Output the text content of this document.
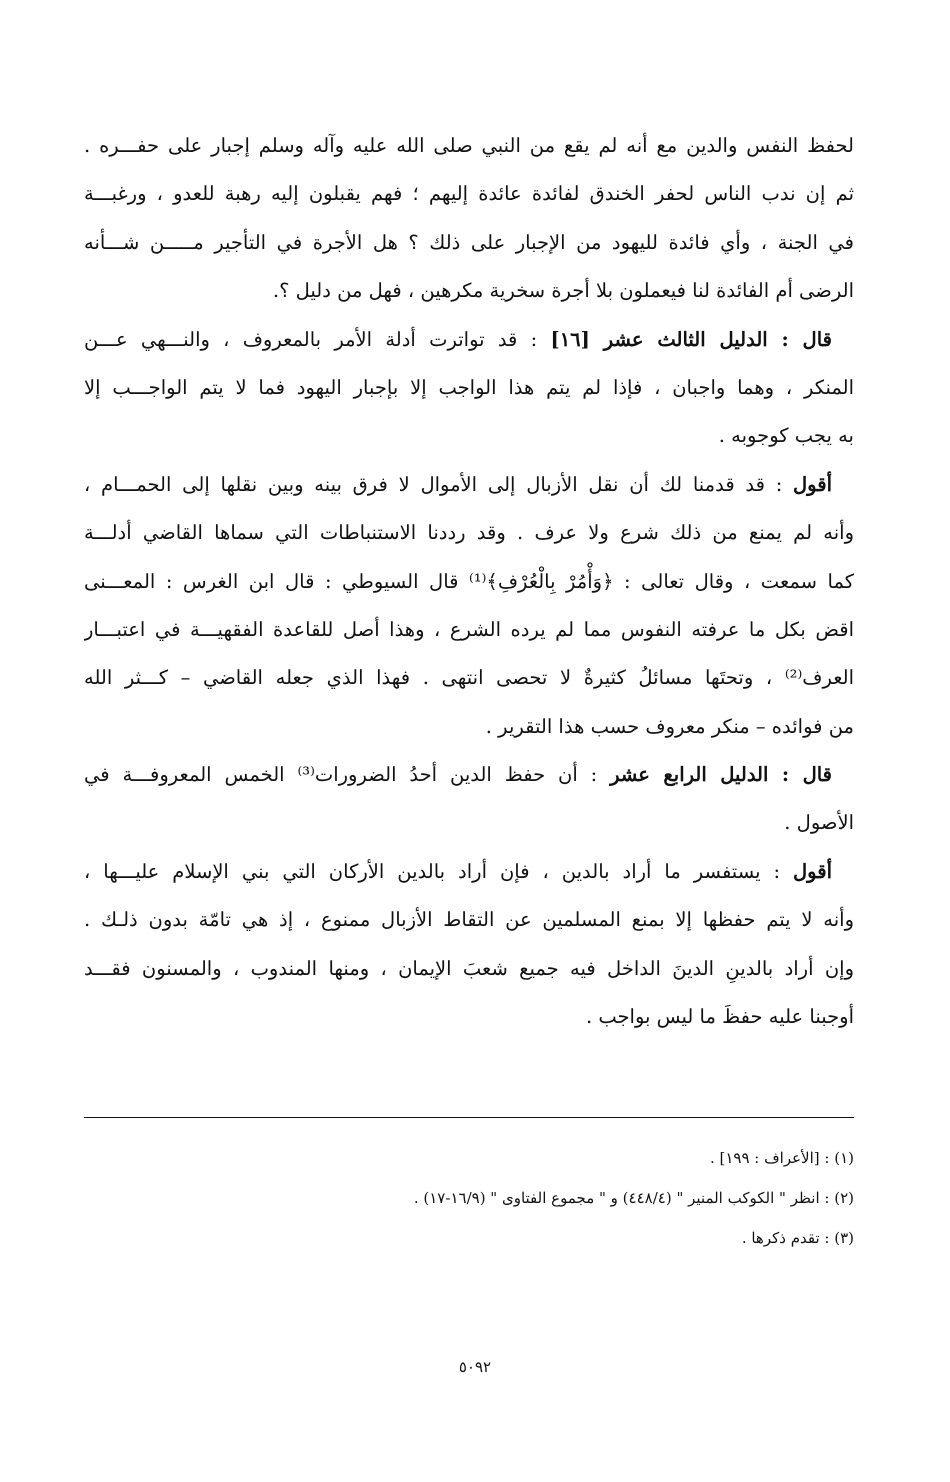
لحفظ النفس والدين مع أنه لم يقع من النبي صلى الله عليه وآله وسلم إجبار على حفـــره .
ثم إن ندب الناس لحفر الخندق لفائدة عائدة إليهم ؛ فهم يقبلون إليه رهبة للعدو ، ورغبـــة
في الجنة ، وأي فائدة لليهود من الإجبار على ذلك ؟ هل الأجرة في التأجير مـــــن شـــأنه
الرضى أم الفائدة لنا فيعملون بلا أجرة سخرية مكرهين ، فهل من دليل ؟.
قال : الدليل الثالث عشر [١٦] : قد تواترت أدلة الأمر بالمعروف ، والنـــهي عـــن
المنكر ، وهما واجبان ، فإذا لم يتم هذا الواجب إلا بإجبار اليهود فما لا يتم الواجـــب إلا
به يجب كوجوبه .
أقول : قد قدمنا لك أن نقل الأزبال إلى الأموال لا فرق بينه وبين نقلها إلى الحمـــام ،
وأنه لم يمنع من ذلك شرع ولا عرف . وقد رددنا الاستنباطات التي سماها القاضي أدلـــة
كما سمعت ، وقال تعالى : ﴿وَأْمُرْ بِالْعُرْفِ﴾⁽¹⁾ قال السيوطي : قال ابن الغرس : المعـــنى
اقض بكل ما عرفته النفوس مما لم يرده الشرع ، وهذا أصل للقاعدة الفقهيـــة في اعتبـــار
العرف⁽²⁾ ، وتحتَها مسائلُ كثيرةٌ لا تحصى انتهى . فهذا الذي جعله القاضي – كـــثر الله
من فوائده – منكر معروف حسب هذا التقرير .
قال : الدليل الرابع عشر : أن حفظ الدين أحدُ الضرورات⁽³⁾ الخمس المعروفـــة في
الأصول .
أقول : يستفسر ما أراد بالدين ، فإن أراد بالدين الأركان التي بني الإسلام عليـــها ،
وأنه لا يتم حفظها إلا بمنع المسلمين عن التقاط الأزبال ممنوع ، إذ هي تامّة بدون ذلـك .
وإن أراد بالدينِ الدينَ الداخل فيه جميع شعبَ الإيمان ، ومنها المندوب ، والمسنون فقـــد
أوجبنا عليه حفظَ ما ليس بواجب .
(١) : [الأعراف : ١٩٩] .
(٢) : انظر " الكوكب المنير " (٤٤٨/٤) و " مجموع الفتاوى " (١٦/٩-١٧) .
(٣) : تقدم ذكرها .
٥٠٩٢
